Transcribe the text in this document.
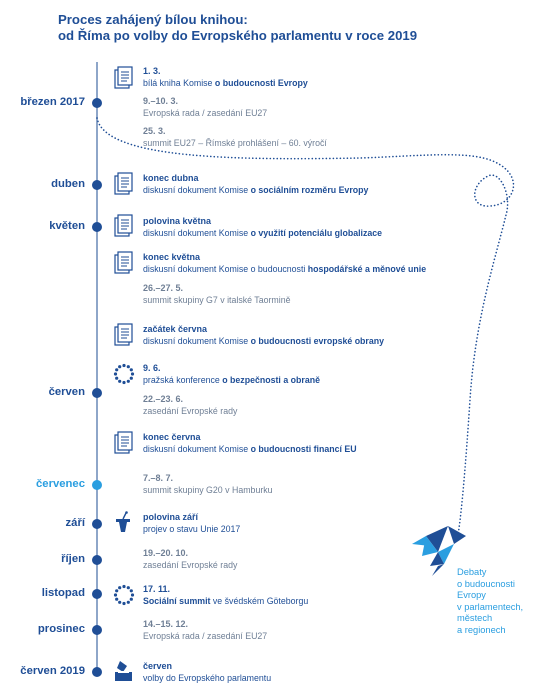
Proces zahájený bílou knihou:
od Říma po volby do Evropského parlamentu v roce 2019
březen 2017
duben
květen
červen
červenec
září
říjen
listopad
prosinec
červen 2019
1. 3.
bílá kniha Komise o budoucnosti Evropy
9.–10. 3.
Evropská rada / zasedání EU27
25. 3.
summit EU27 – Římské prohlášení – 60. výročí
konec dubna
diskusní dokument Komise o sociálním rozměru Evropy
polovina května
diskusní dokument Komise o využití potenciálu globalizace
konec května
diskusní dokument Komise o budoucnosti hospodářské a měnové unie
26.–27. 5.
summit skupiny G7 v italské Taormině
začátek června
diskusní dokument Komise o budoucnosti evropské obrany
9. 6.
pražská konference o bezpečnosti a obraně
22.–23. 6.
zasedání Evropské rady
konec června
diskusní dokument Komise o budoucnosti financí EU
7.–8. 7.
summit skupiny G20 v Hamburku
polovina září
projev o stavu Unie 2017
19.–20. 10.
zasedání Evropské rady
17. 11.
Sociální summit ve švédském Göteborgu
14.–15. 12.
Evropská rada / zasedání EU27
červen
volby do Evropského parlamentu
Debaty
o budoucnosti
Evropy
v parlamentech,
městech
a regionech
